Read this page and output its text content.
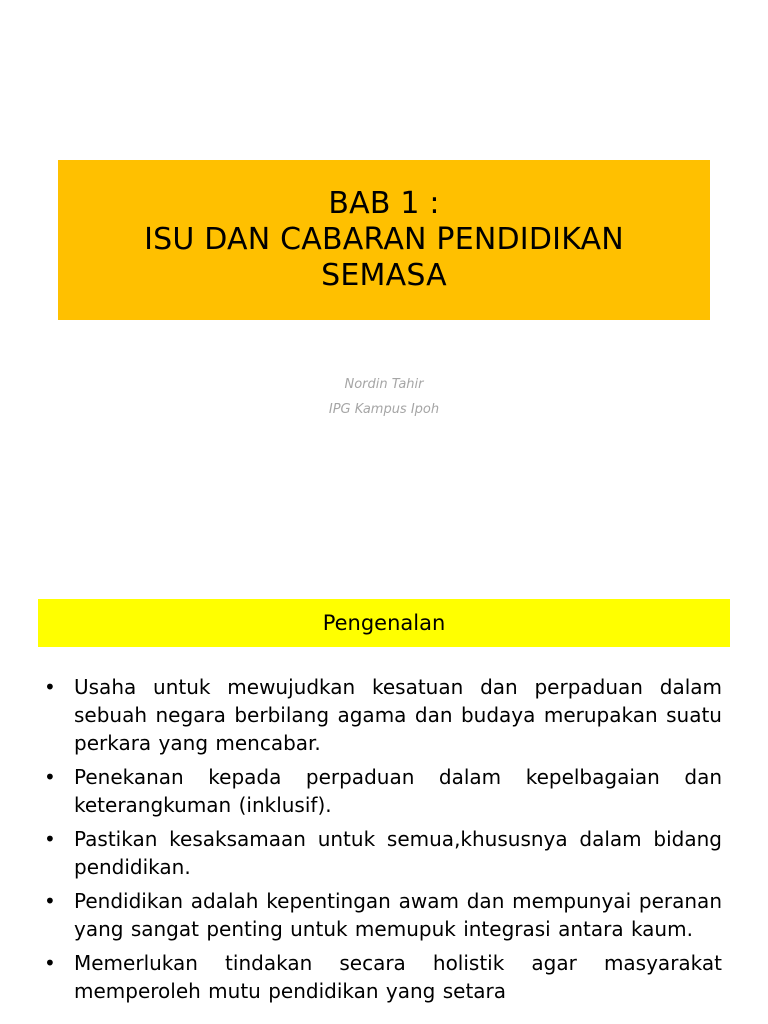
BAB 1 :
ISU DAN CABARAN PENDIDIKAN
SEMASA
Nordin Tahir
IPG Kampus Ipoh
Pengenalan
• Usaha untuk mewujudkan kesatuan dan perpaduan dalam sebuah negara berbilang agama dan budaya merupakan suatu perkara yang mencabar.
• Penekanan kepada perpaduan dalam kepelbagaian dan keterangkuman (inklusif).
• Pastikan kesaksamaan untuk semua,khususnya dalam bidang pendidikan.
• Pendidikan adalah kepentingan awam dan mempunyai peranan yang sangat penting untuk memupuk integrasi antara kaum.
• Memerlukan tindakan secara holistik agar masyarakat memperoleh mutu pendidikan yang setara
